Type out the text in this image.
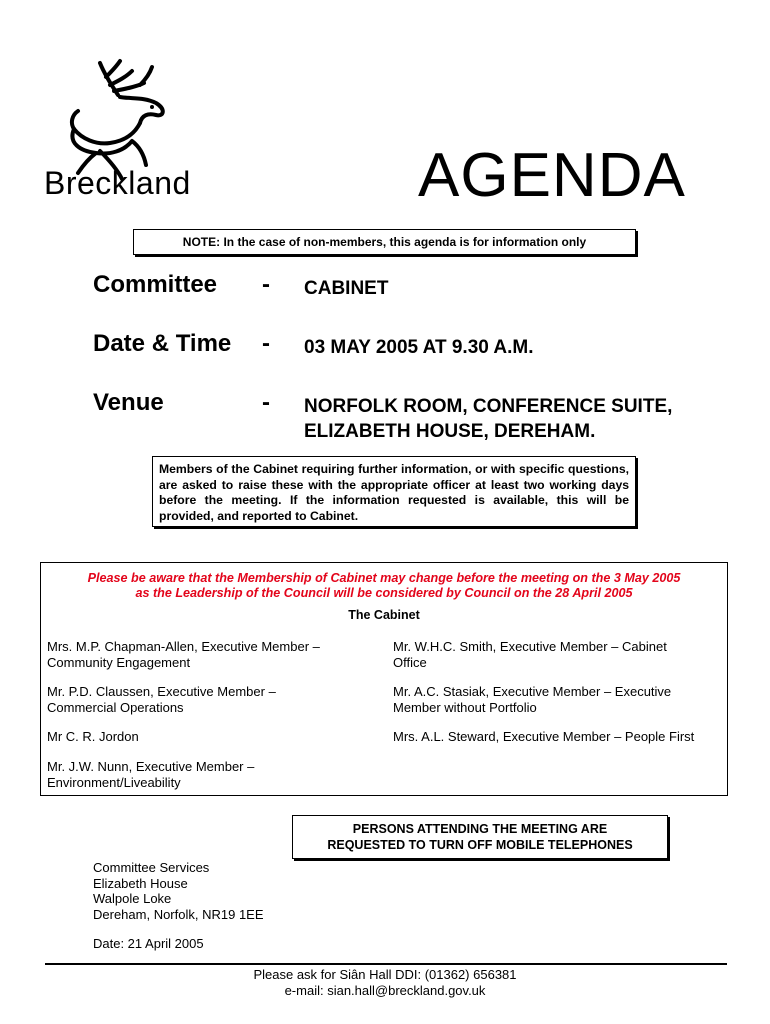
Breckland	AGENDA
NOTE: In the case of non-members, this agenda is for information only
Committee - CABINET
Date & Time - 03 MAY 2005 AT 9.30 A.M.
Venue	- NORFOLK ROOM, CONFERENCE SUITE,
ELIZABETH HOUSE, DEREHAM.
Members of the Cabinet requiring further information, or with specific questions, are asked to raise these with the appropriate officer at least two working days before the meeting. If the information requested is available, this will be provided, and reported to Cabinet.
Please be aware that the Membership of Cabinet may change before the meeting on the 3 May 2005
as the Leadership of the Council will be considered by Council on the 28 April 2005
The Cabinet
Mrs. M.P. Chapman-Allen, Executive Member –
Community Engagement
Mr. P.D. Claussen, Executive Member –
Commercial Operations
Mr C. R. Jordon
Mr. J.W. Nunn, Executive Member –
Environment/Liveability
Mr. W.H.C. Smith, Executive Member – Cabinet
Office
Mr. A.C. Stasiak, Executive Member – Executive
Member without Portfolio
Mrs. A.L. Steward, Executive Member – People First
PERSONS ATTENDING THE MEETING ARE
REQUESTED TO TURN OFF MOBILE TELEPHONES
Committee Services
Elizabeth House
Walpole Loke
Dereham, Norfolk, NR19 1EE
Date: 21 April 2005
Please ask for Siân Hall DDI: (01362) 656381
e-mail: sian.hall@breckland.gov.uk
